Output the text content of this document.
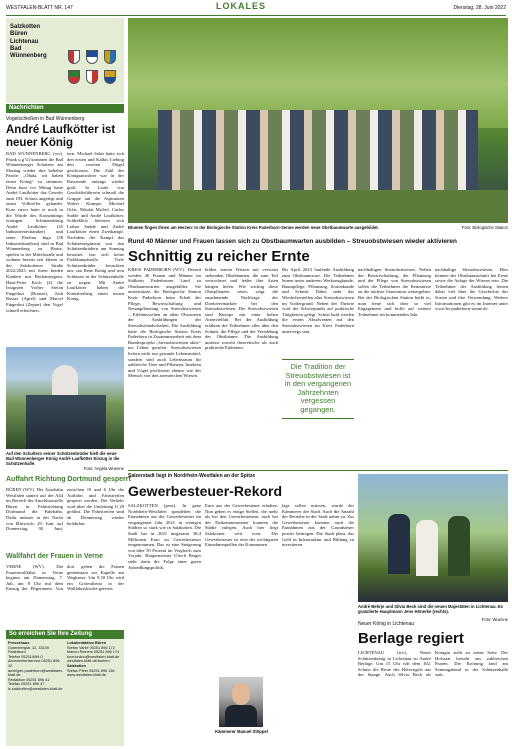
WESTFALEN-BLATT NR. 147	LOKALES	Dienstag, 28. Juni 2022
Salzkotten
Büren
Lichtenau
Bad
Wünnenberg
Nachrichten
Vogelschießen in Bad Wünnenberg
André Laufkötter ist neuer König
BAD WÜNNENBERG (wv). Prunk u.g Ur kommen die Bad Wünnenberger Schützen am Montag wieder ihre beliebte Parole: „Ohala, wir haben einen König“ zu stimmen. Denn kurz vor Mittag hatte André Laufkötter das Gewehr zum 193. Schuss angelegt und einen Volltreffer gelandet. Kurz zuvor hatte er noch in die Würde des Kronzünings errungen. Schützenkönig André Laufkötter (45 Industriemechaniker) und seine Ehefrau Inga (38 Industriekauffrau) sind in Bad Wünnenberg zu Hause, spielen in der Mittelstraße und wohnen bereits seit Jahren in der Salzkottener Straße 2022/2023 mit ihren beiden Kindern mit Bechaustegern. Hans-Peter Koch (2) die Insignien Vorher Stefan Fingerhut (Bronze), Josh Rasser (Apfel) und Marcel Fingerhut (Zepter) den Vogel schnell erleichtert.
tern. Michael Sohn hatte sich den ersten und Kalkis Liebing den zweiten Flügel geschossen. Die Zahl der Königsanwärter war in der Rassrunde anfangs wieder groß. In Laufe von Geschäftsführerin schmoß die Gruppe auf die Aspiranten Walter Krampe, Michael Ochs, Nikolai Michel, Carlos Sudde und André Laufkötter. Schließlich lieferten sich Lothar Sudde und André Laufkötter einen Zweikampf. Nachdem der Kampf das Schützenregiment war den Schützenbrüdern am Sonntag bestattet, fast sich keine Fieldkampfstelle. Viele Schützenbrüder besuchten uns, um Reue König und sein Schützen in der Schützenhalle zu tragen. Mit André Laufkötter haben die Kunstfreiberg einen neuen König.
Auf den Schultern seiner Schützenbrüder hielt die neue Bad Wünnenberger König André Laufkötter Einzug in die Schützenhalle.
Foto: Angela Wuenne
Auffahrt Richtung Dortmund gesperrt
BÜREN (WV). Die Autobahn Westfalen saniert auf der A44 im Bereich der Anschlussstelle Büren in Fahrtrichtung Dortmund die Fahrbahn. Dafür müssen in der Nacht von Mittwoch, 29. Juni, auf Donnerstag, 30. Juni, zwischen 19 und 6 Uhr die Auffahrt und Fahrstreifen gesperrt werden. Der Verkehr wird über die Umleitung U 29 geführt. Die Fahrstreifen sind ab Donnerstag wieder befahrbar.
Wallfahrt der Frauen in Verne
VERNE (WV). Die Frauenwallfahrt in Verne beginnt am Donnerstag, 7. Juli, um 8 Uhr mit dem Einzug der Pilgerinnen. Von dort gehen die Frauen gemeinsam zur Kapelle am Wegkreuz. Um 9.30 Uhr wird ein Gottesdienst in der Wallfahrtskirche gefeiert.
So erreichen Sie Ihre Zeitung
Pressehaus
Gutenbergstr. 12, 33100 Paderborn
Telefon 05251/699-0
Abonnentenservice 05251 896 12
anzeigen.paderborn@westfalen-blatt.de
Redaktion 05251 896 41
Telefax 05251 896 47
lz.salzkotten@westfalen-blatt.de
Lokalredaktion Büren
Stefan Vahle 05251 896 172
Marion Reiners 05251 896 174
buerlonlino@westfalen-blatt.de
westfalen-blatt.de/bueren
Salzkotten
Stefan Pfeer 05251 896 136
www.westfalen-blatt.de
Blumen fingen Ihnen am Herzen: In der Biologische Station Kreis Paderborn-Senne werden neue Obstbaumwarte ausgebildet.	Foto: Biologische Station
Rund 40 Männer und Frauen lassen sich zu Obstbaumwarten ausbilden – Streuobstwiesen wieder aktivieren
Schnittig zu reicher Ernte
KREIS PADERBORN (WV). Derzeit werden 40 Frauen und Männer im Südkreis Paderborner Land zu Obstbaumwarten ausgebildet. Sie unterstützen die Biologische Station Kreis Paderborn beim Erhalt der Pflege, Bewirtschaftung und Neuanpflanzung von Streuobstwiesen – Erlebniswelten an alten Obstsorten der Ausbildungen der Streuobstlandschaften. Die Ausbildung hatte die Biologische Station Kreis Paderborn in Zusammenarbeit mit dem Bundesprojekt „Streuobstwiesen aktiv“ ins Leben gerufen. Streuobstwiesen liefern nicht nur gesunde Lebensmittel, sondern sind auch Lebensraum für zahlreiche Tiere und Pflanzen. Insekten und Vögel profitieren ebenso wie der Mensch von den artenreichen Wiesen.
bilden seinen Wissen mit verwaist stehenden Obstbäumen, die zum Teil vertrocknet und leider ihre Arten hängen liefen. Wie wichtig diese Obstpflanzen seien, zeigt die zunehmende Nachfrage der Direktvermarkter bei den Streuobstwiesen. Die Streuobstwiesen sind Biotope mit einer hohen Artenvielfalt. Bei der Ausbildung erfahren die Teilnehmer alles über den Schnitt, die Pflege und die Veredelung der Obstbäume. Die Ausbildung umfasst sowohl theoretische als auch praktische Einheiten.
Bis April 2023 laufende Ausbildung zum Obstbaumwart. Die Teilnehmer lernen unter anderem Werkzeugkunde, Baumpflege, Pflanzung, Sortenkunde und Schnitt. Dabei steht das Wiederherstellen alter Streuobstwiesen im Vordergrund. Neben der Theorie wird der Schwerpunkt auf praktische Tätigkeiten gelegt. Schon bald werden die ersten Absolventen auf den Streuobstwiesen im Kreis Paderborn unterwegs sein.
Die Tradition der Streuobstwiesen ist in den vergangenen Jahrzehnten vergessen gegangen.
nachhaltigen Streuobstwiesen. Neben der Bewirtschaftung, der Pflanzung und der Pflege von Streuobstwiesen sollen die Teilnehmer die Kenntnisse an die nächste Generation weitergeben. Bei der Biologischen Station heißt es, man freue sich über so viel Engagement und hoffe auf weitere Teilnehmer im kommenden Jahr.
nachhaltige Streuobstwiesen. Dies können der Obstbaumschnitt bei Ernte sowie die Anlage der Wiesen sein. Die Teilnehmer der Ausbildung lernen dabei viel über die Geschichte der Sorten und ihre Verwendung. Weitere Informationen gibt es im Internet unter www.bs-paderborn-senne.de.
Salzerstadt liegt in Nordrhein-Westfalen an der Spitze
Gewerbesteuer-Rekord
SALZKOTTEN (pwu). In ganz Nordrhein-Westfalen sprudelten die Einnahmen aus der Gewerbesteuer im vergangenen Jahr 2021 in wenigen Städten so stark wie in Salzkotten. Die Stadt hat in 2021 insgesamt 38,4 Millionen Euro an Gewerbesteuer eingenommen. Das ist eine Steigerung von über 50 Prozent im Vergleich zum Vorjahr. Bürgermeister Ulrich Berger sieht darin die Folge einer guten Ansiedlungspolitik.
Euro aus der Gewerbesteuer erhalten. Nun geben es einige Stellen, die mehr als bei den Gewerbesteuern, auch bei der Einkommensteuer konnten die Städte zulegen. Auch hier liegt Salzkotten weit vorn. Die Gewerbesteuer ist eine der wichtigsten Einnahmequellen der Kommunen.
lage sollen miissen, wurde der Kämmerer der Stadt. Auch die Anzahl der Betriebe in der Stadt nahm zu. Zur Gewerbesteuer konnten auch die Einnahmen aus der Grundsteuer positiv beitragen. Die Stadt plant, das Geld in Infrastruktur und Bildung zu investieren.
Kämmerer Manuel Stöppel
André Behrje und Silvia Beck sind die neuen Majestäten in Lichtenau. Es gratulierte Hauptmann Jens Hönerke (rechts).
Foto: Wuenne
Neuer König in Lichtenau
Berlage regiert
LICHTENAU (wv). Neuer Schützenkönig in Lichtenau ist André Berlage. Um 15 Uhr ruft dem 102. Schuss die Reste des Holzvogels aus der Stange. Auch Silvia Beck als Königin steht an seiner Seite. Der Hofstaat besteht aus zahlreichen Paaren. Die Krönung fand am Sonntagabend in der Schützenhalle statt.
